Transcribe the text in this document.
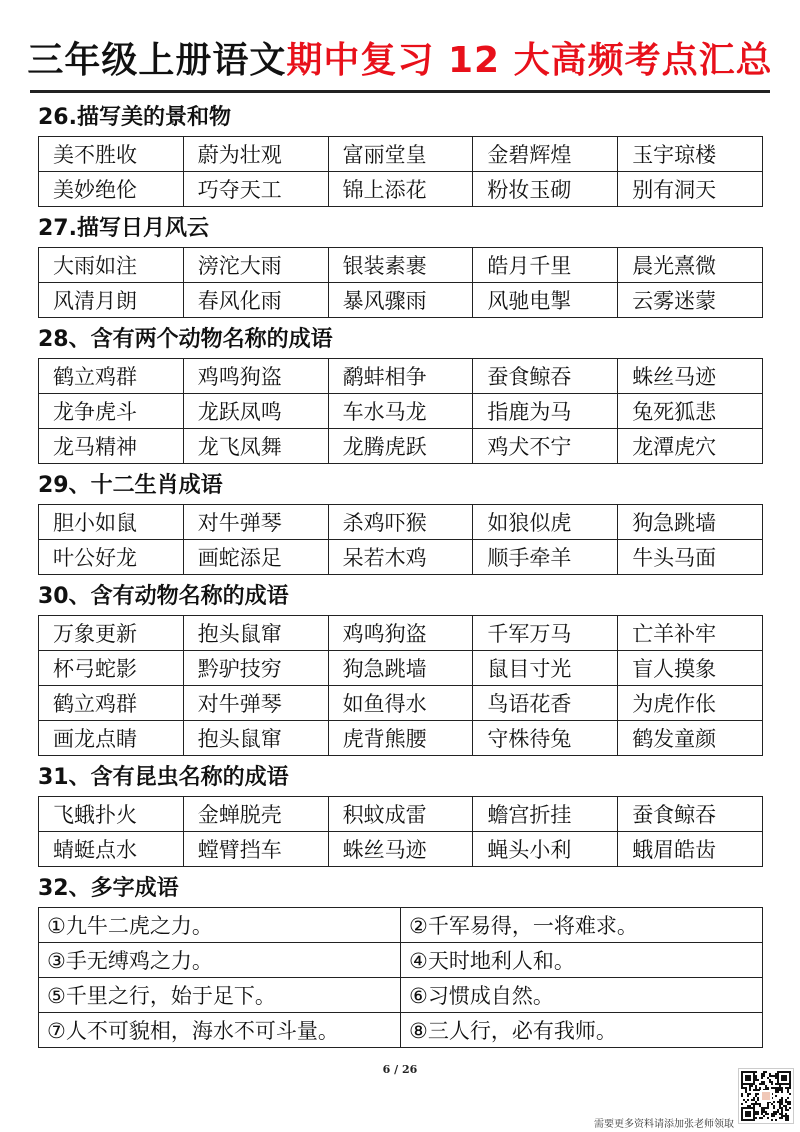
三年级上册语文期中复习 12 大高频考点汇总
26.描写美的景和物
美不胜收	蔚为壮观	富丽堂皇	金碧辉煌	玉宇琼楼
美妙绝伦	巧夺天工	锦上添花	粉妆玉砌	别有洞天
27.描写日月风云
大雨如注	滂沱大雨	银装素裹	皓月千里	晨光熹微
风清月朗	春风化雨	暴风骤雨	风驰电掣	云雾迷蒙
28、含有两个动物名称的成语
鹤立鸡群	鸡鸣狗盗	鹬蚌相争	蚕食鲸吞	蛛丝马迹
龙争虎斗	龙跃凤鸣	车水马龙	指鹿为马	兔死狐悲
龙马精神	龙飞凤舞	龙腾虎跃	鸡犬不宁	龙潭虎穴
29、十二生肖成语
胆小如鼠	对牛弹琴	杀鸡吓猴	如狼似虎	狗急跳墙
叶公好龙	画蛇添足	呆若木鸡	顺手牵羊	牛头马面
30、含有动物名称的成语
万象更新	抱头鼠窜	鸡鸣狗盗	千军万马	亡羊补牢
杯弓蛇影	黔驴技穷	狗急跳墙	鼠目寸光	盲人摸象
鹤立鸡群	对牛弹琴	如鱼得水	鸟语花香	为虎作伥
画龙点睛	抱头鼠窜	虎背熊腰	守株待兔	鹤发童颜
31、含有昆虫名称的成语
飞蛾扑火	金蝉脱壳	积蚊成雷	蟾宫折挂	蚕食鲸吞
蜻蜓点水	螳臂挡车	蛛丝马迹	蝇头小利	蛾眉皓齿
32、多字成语
①九牛二虎之力。	②千军易得，一将难求。
③手无缚鸡之力。	④天时地利人和。
⑤千里之行，始于足下。	⑥习惯成自然。
⑦人不可貌相，海水不可斗量。	⑧三人行，必有我师。
6 / 26
需要更多资料请添加张老师领取
